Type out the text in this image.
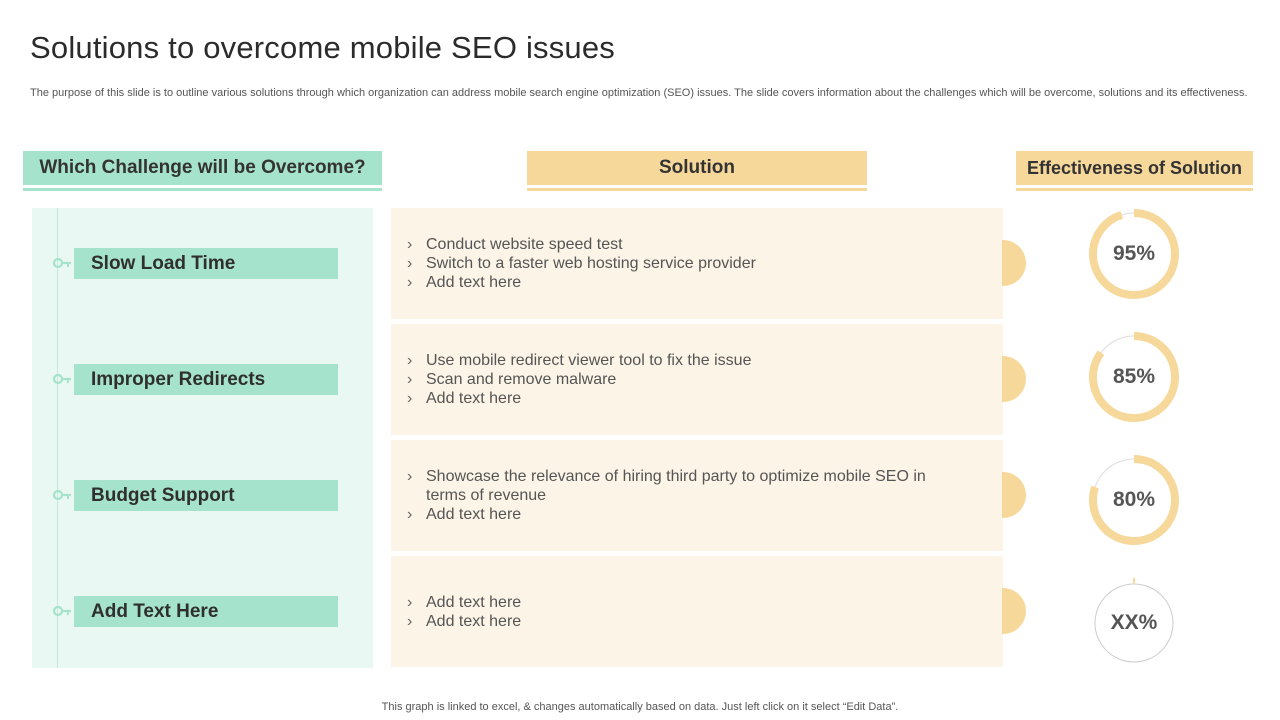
Solutions to overcome mobile SEO issues
The purpose of this slide is to outline various solutions through which organization can address mobile search engine optimization (SEO) issues. The slide covers information about the challenges which will be overcome, solutions and its effectiveness.
Which Challenge will be Overcome?	Solution	Effectiveness of Solution
Slow Load Time
› Conduct website speed test
› Switch to a faster web hosting service provider
› Add text here
95%
Improper Redirects
› Use mobile redirect viewer tool to fix the issue
› Scan and remove malware
› Add text here
85%
Budget Support
› Showcase the relevance of hiring third party to optimize mobile SEO in terms of revenue
› Add text here
80%
Add Text Here
›	Add text here
› Add text here	XX%
This graph is linked to excel, & changes automatically based on data. Just left click on it select “Edit Data”.
